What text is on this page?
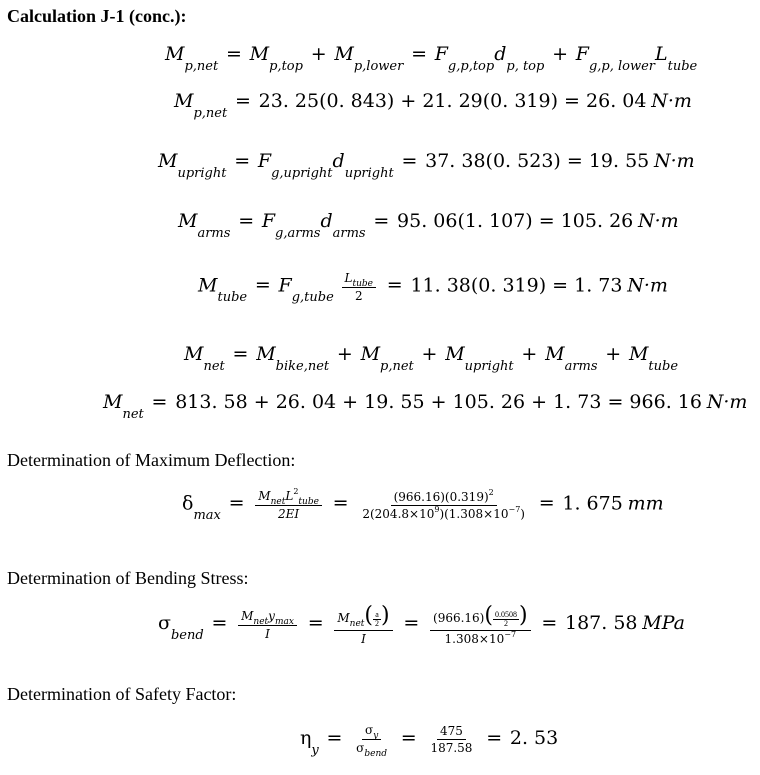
Calculation J-1 (conc.):
$M_{p,net} = M_{p,top} + M_{p,lower} = F_{g,p,top}d_{p, top} + F_{g,p, lower}L_{tube}$
$M_{p,net} = 23$. 25(0. 843) + 21. 29(0. 319) = 26. 04 N·m
$M_{upright} = F_{g,upright}d_{upright} = 37$. 38(0. 523) = 19. 55 N·m
$M_{arms} = F_{g,arms}d_{arms} = 95$. 06(1. 107) = 105. 26 N·m
$M_{tube} = F_{g,tube} \frac{L_{tube}}{2} = 11$. 38(0. 319) = 1. 73 N·m
$M_{net} = M_{bike,net} + M_{p,net} + M_{upright} + M_{arms} + M_{tube}$
$M_{net} = 813$. 58 + 26. 04 + 19. 55 + 105. 26 + 1. 73 = 966. 16 N·m
Determination of Maximum Deflection:
$\delta_{max} = \frac{M_{net}L^2_{tube}}{2EI} = \frac{(966.16)(0.319)^2}{2(204.8\times 10^9)(1.308\times 10^{-7})} = 1$. 675 mm
Determination of Bending Stress:
$\sigma_{bend} = \frac{M_{net}y_{max}}{I} = \frac{M_{net}( \frac{a}{2} )}{I} = \frac{(966.16)( \frac{0.0508}{2} )}{1.308\times 10^{-7}} = 187$. 58 MPa
Determination of Safety Factor:
$\eta_y = \frac{\sigma_y}{\sigma_{bend}} = \frac{475}{187.58} = 2$. 53
